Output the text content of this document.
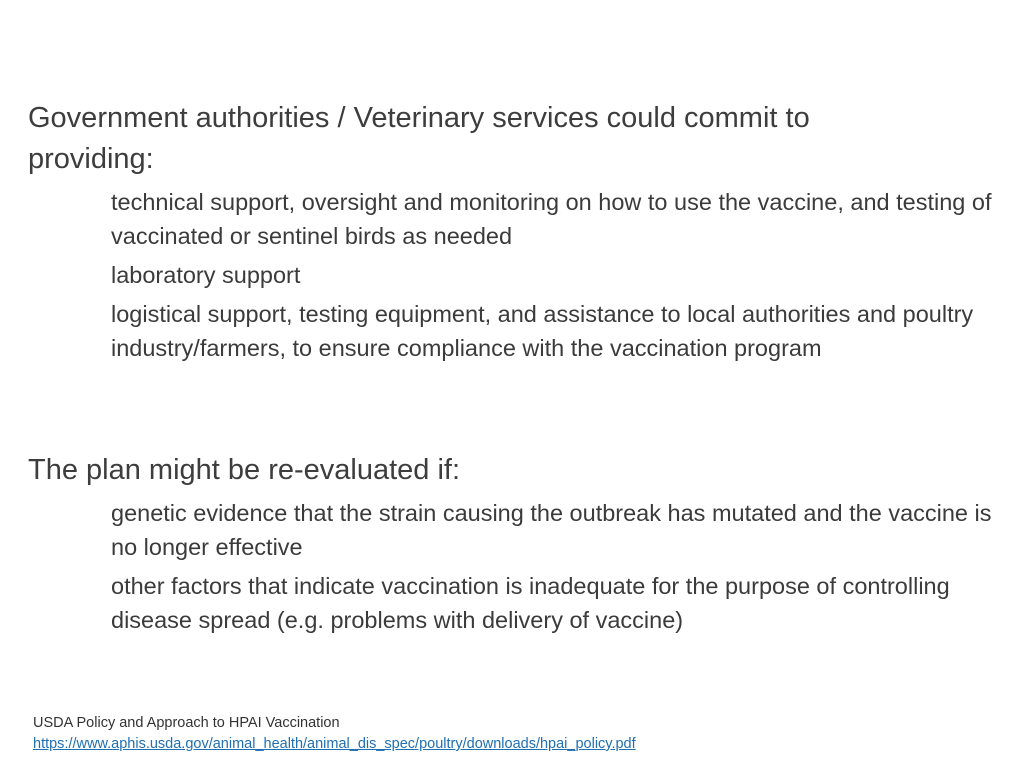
Government authorities / Veterinary services could commit to providing:
technical support, oversight and monitoring on how to use the vaccine, and testing of vaccinated or sentinel birds as needed
laboratory support
logistical support, testing equipment, and assistance to local authorities and poultry industry/farmers, to ensure compliance with the vaccination program
The plan might be re-evaluated if:
genetic evidence that the strain causing the outbreak has mutated and the vaccine is no longer effective
other factors that indicate vaccination is inadequate for the purpose of controlling disease spread (e.g. problems with delivery of vaccine)
USDA Policy and Approach to HPAI Vaccination
https://www.aphis.usda.gov/animal_health/animal_dis_spec/poultry/downloads/hpai_policy.pdf
